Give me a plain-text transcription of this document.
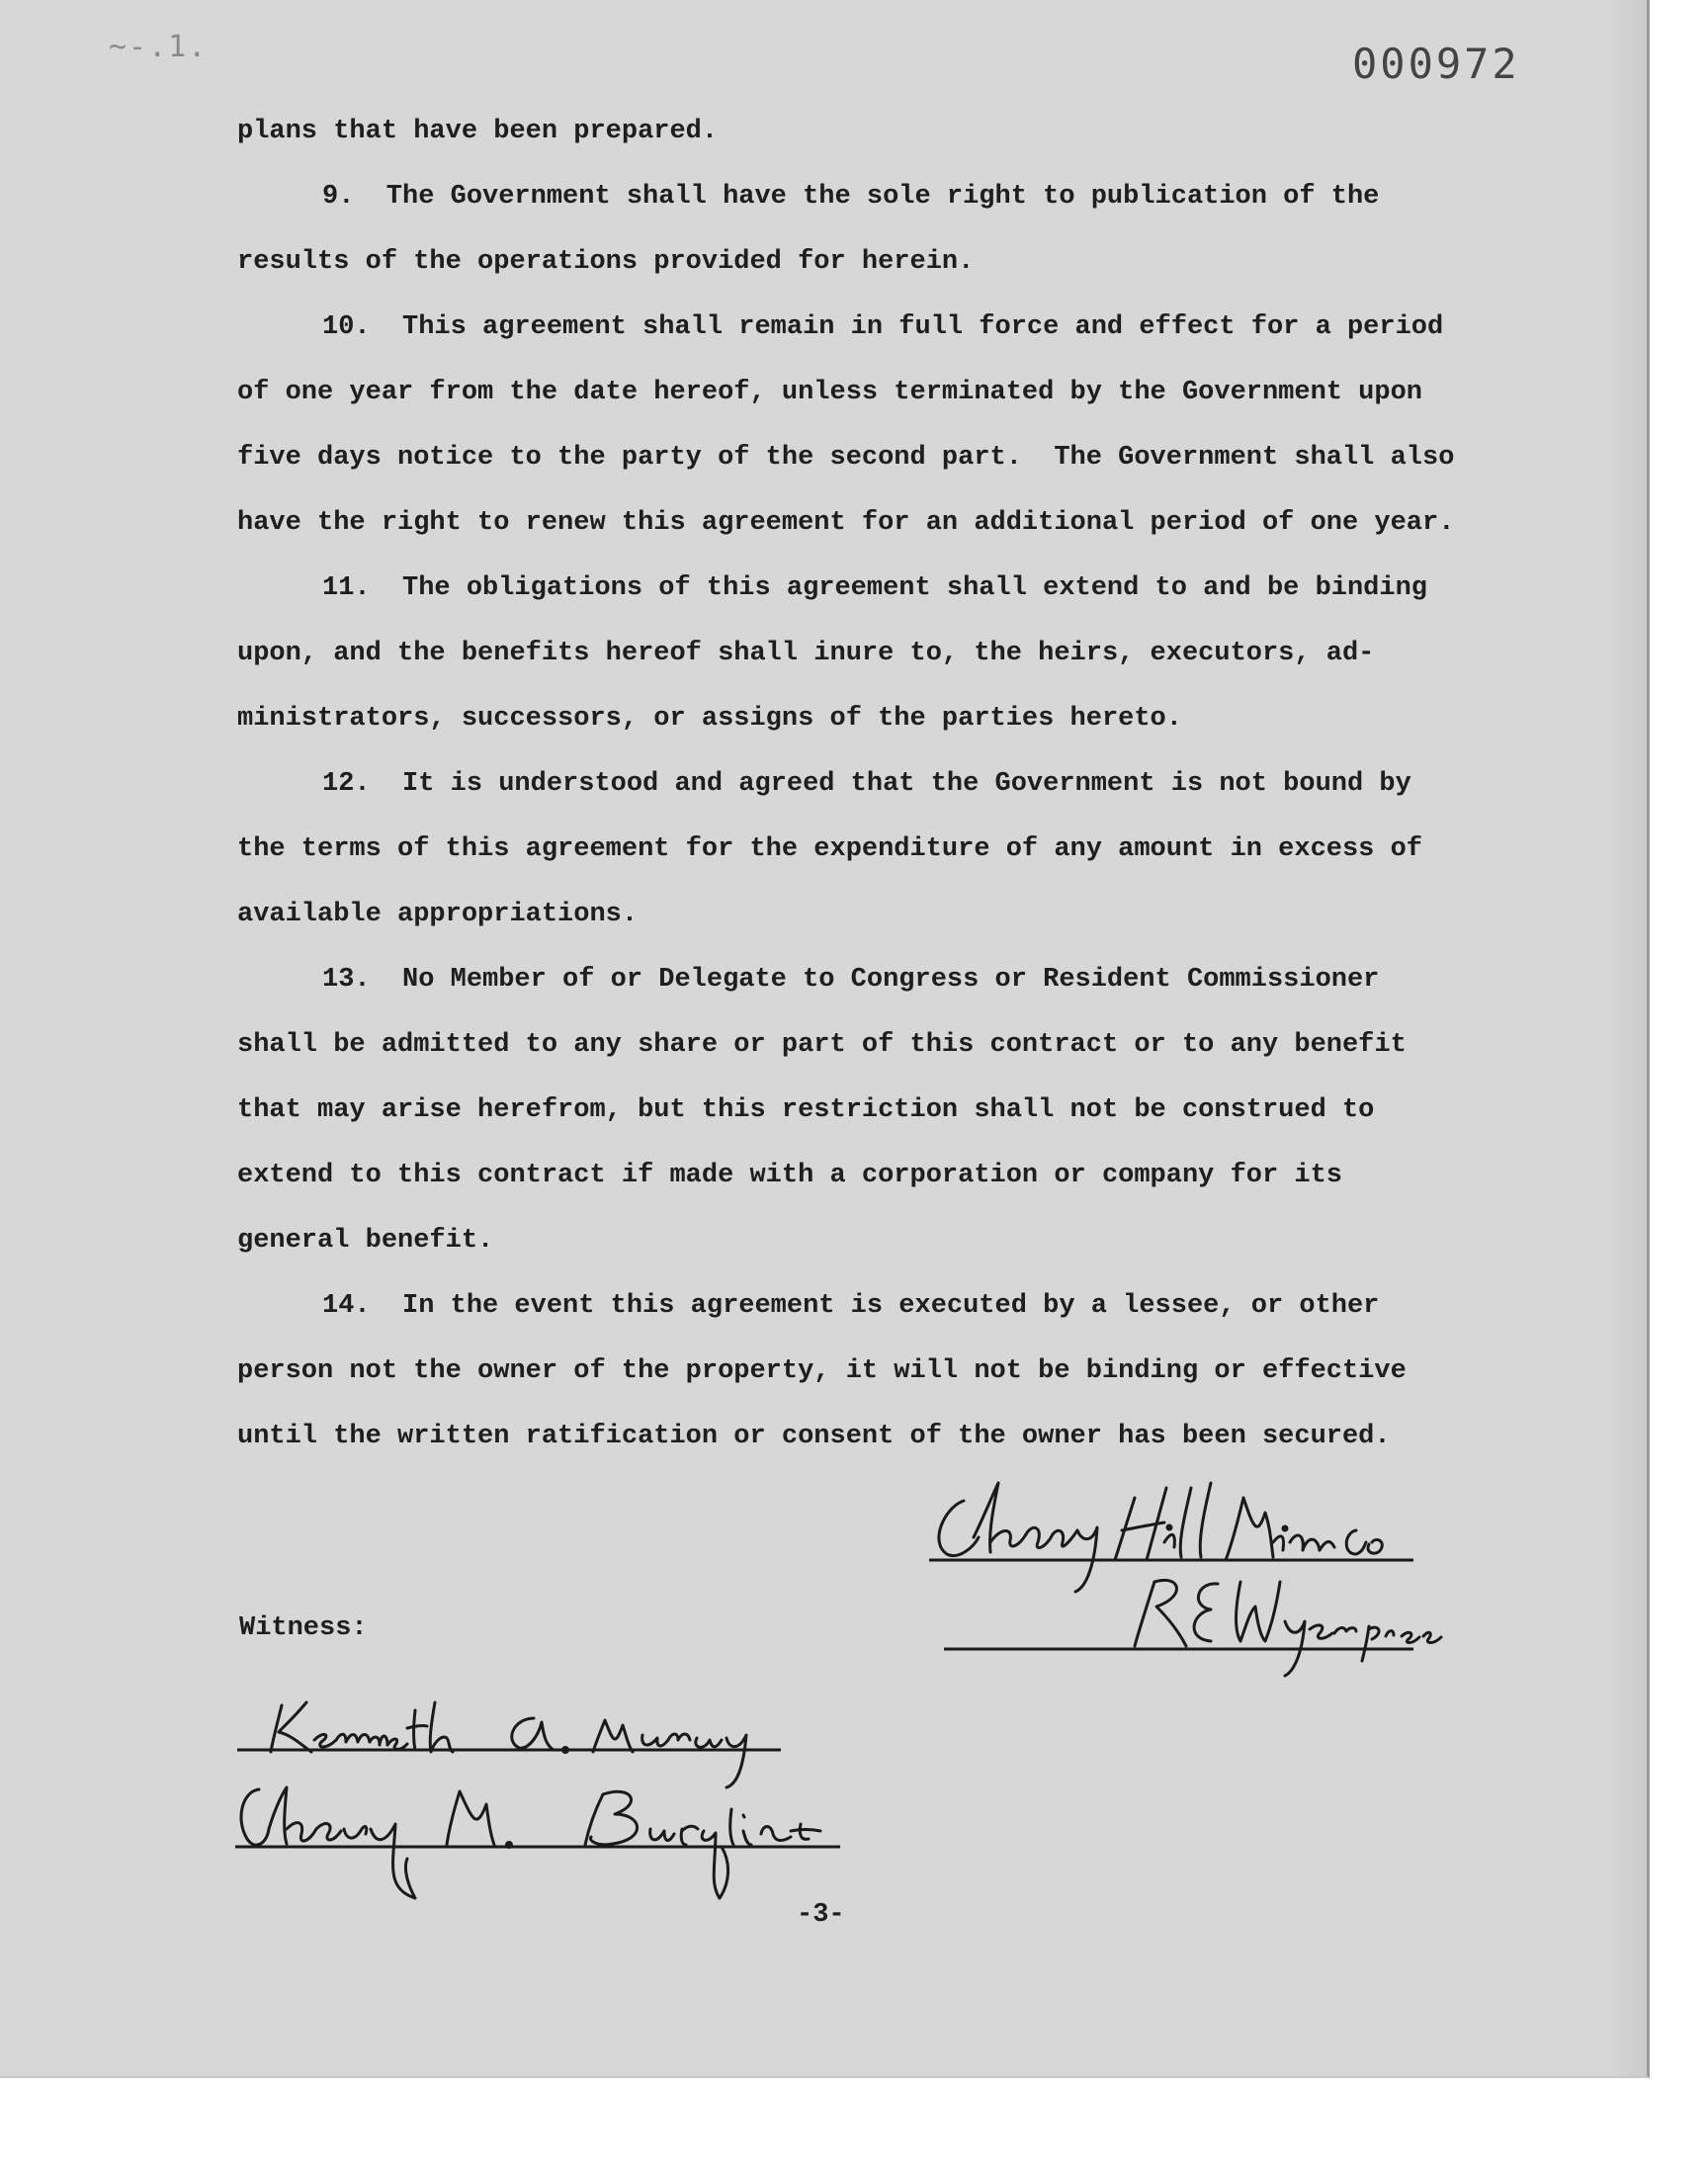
~-.1.	000972
plans that have been prepared.
9.  The Government shall have the sole right to publication of the
results of the operations provided for herein.
10.  This agreement shall remain in full force and effect for a period
of one year from the date hereof, unless terminated by the Government upon
five days notice to the party of the second part.  The Government shall also
have the right to renew this agreement for an additional period of one year.
11.  The obligations of this agreement shall extend to and be binding
upon, and the benefits hereof shall inure to, the heirs, executors, ad-
ministrators, successors, or assigns of the parties hereto.
12.  It is understood and agreed that the Government is not bound by
the terms of this agreement for the expenditure of any amount in excess of
available appropriations.
13.  No Member of or Delegate to Congress or Resident Commissioner
shall be admitted to any share or part of this contract or to any benefit
that may arise herefrom, but this restriction shall not be construed to
extend to this contract if made with a corporation or company for its
general benefit.
14.  In the event this agreement is executed by a lessee, or other
person not the owner of the property, it will not be binding or effective
until the written ratification or consent of the owner has been secured.
Witness:
-3-
